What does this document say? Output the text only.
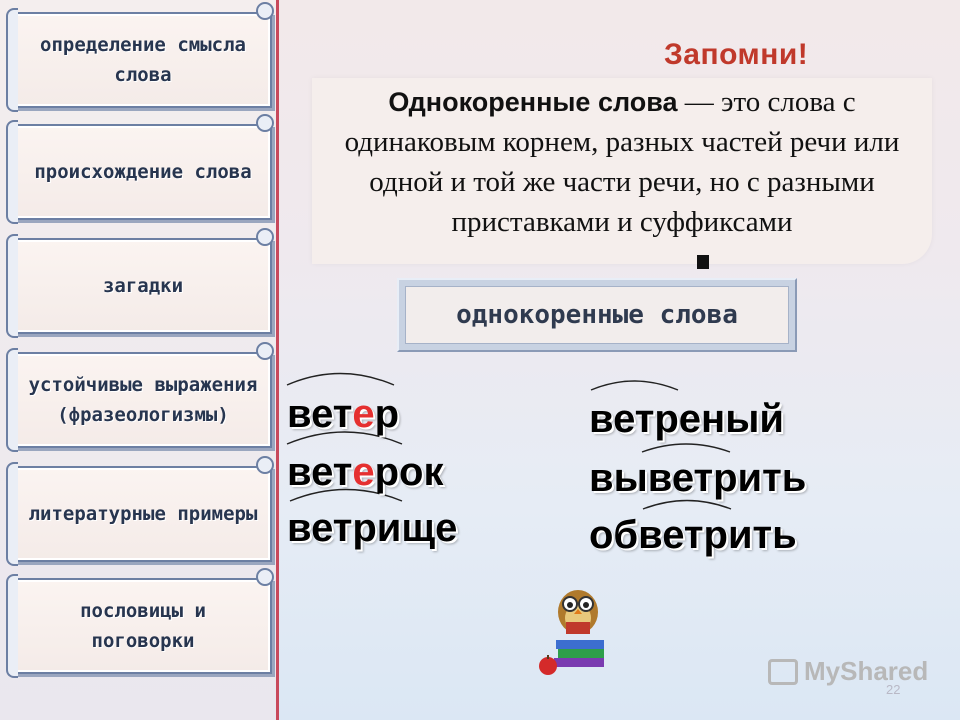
определение смысла слова
происхождение слова
загадки
устойчивые выражения (фразеологизмы)
литературные примеры
пословицы и поговорки
Запомни!

Однокоренные слова — это слова с одинаковым корнем, разных частей речи или одной и той же части речи, но с разными приставками и суффиксами

однокоренные слова
ветер
ветерок
ветрище
ветреный
выветрить
обветрить
MyShared
22
